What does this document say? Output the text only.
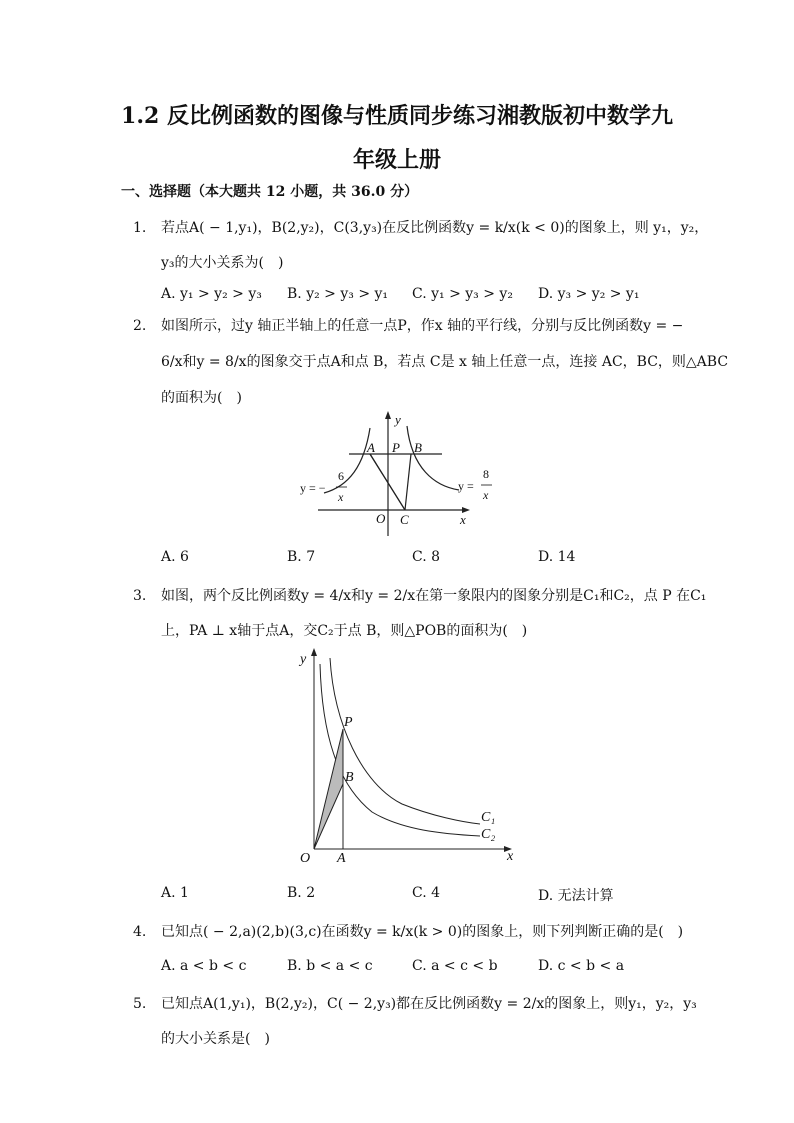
1.2 反比例函数的图像与性质同步练习湘教版初中数学九
年级上册
一、选择题（本大题共 12 小题，共 36.0 分）
1.	若点A( − 1,y₁)，B(2,y₂)，C(3,y₃)在反比例函数y = k/x(k < 0)的图象上，则 y₁，y₂，
y₃的大小关系为(　)
A. y₁ > y₂ > y₃ B. y₂ > y₃ > y₁ C. y₁ > y₃ > y₂ D. y₃ > y₂ > y₁
2.	如图所示，过y 轴正半轴上的任意一点P，作x 轴的平行线，分别与反比例函数y = −
6/x和y = 8/x的图象交于点A和点 B，若点 C是 x 轴上任意一点，连接 AC，BC，则△ABC
的面积为(　)
y
x
O
A P B
C
y = −
6
x
y =
8
x
A. 6	B. 7	C. 8	D. 14
3.	如图，两个反比例函数y = 4/x和y = 2/x在第一象限内的图象分别是C₁和C₂，点 P 在C₁
上，PA ⊥ x轴于点A，交C₂于点 B，则△POB的面积为(　)
y
x
O A
P
B
C₁
C₂
A. 1	B. 2	C. 4	D. 无法计算
4.	已知点( − 2,a)(2,b)(3,c)在函数y = k/x(k > 0)的图象上，则下列判断正确的是(　)
A. a < b < c	B. b < a < c	C. a < c < b	D. c < b < a
5.	已知点A(1,y₁)，B(2,y₂)，C( − 2,y₃)都在反比例函数y = 2/x的图象上，则y₁，y₂，y₃
的大小关系是(　)
